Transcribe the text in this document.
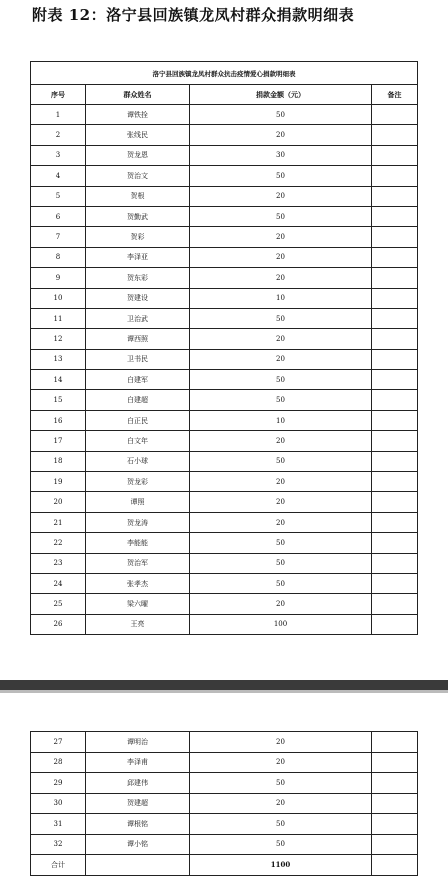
附表 12：洛宁县回族镇龙凤村群众捐款明细表
洛宁县回族镇龙凤村群众抗击疫情爱心捐款明细表			
序号	群众姓名	捐款金额（元）	备注
1	谭铁拴	50	
2	张线民	20	
3	贺龙恩	30	
4	贺治文	50	
5	贺根	20	
6	贺勤武	50	
7	贺彩	20	
8	李泽亚	20	
9	贺东彩	20	
10	贺建设	10	
11	卫治武	50	
12	谭西照	20	
13	卫书民	20	
14	白建军	50	
15	白建超	50	
16	白正民	10	
17	白文年	20	
18	石小球	50	
19	贺龙彩	20	
20	谭照	20	
21	贺龙涛	20	
22	李能能	50	
23	贺治军	50	
24	张孝杰	50	
25	梁六曜	20	
26	王亮	100	
27	谭明治	20	
28	李泽甫	20	
29	邱建伟	50	
30	贺建超	20	
31	谭根铭	50	
32	谭小铭	50	
合计		1100	
